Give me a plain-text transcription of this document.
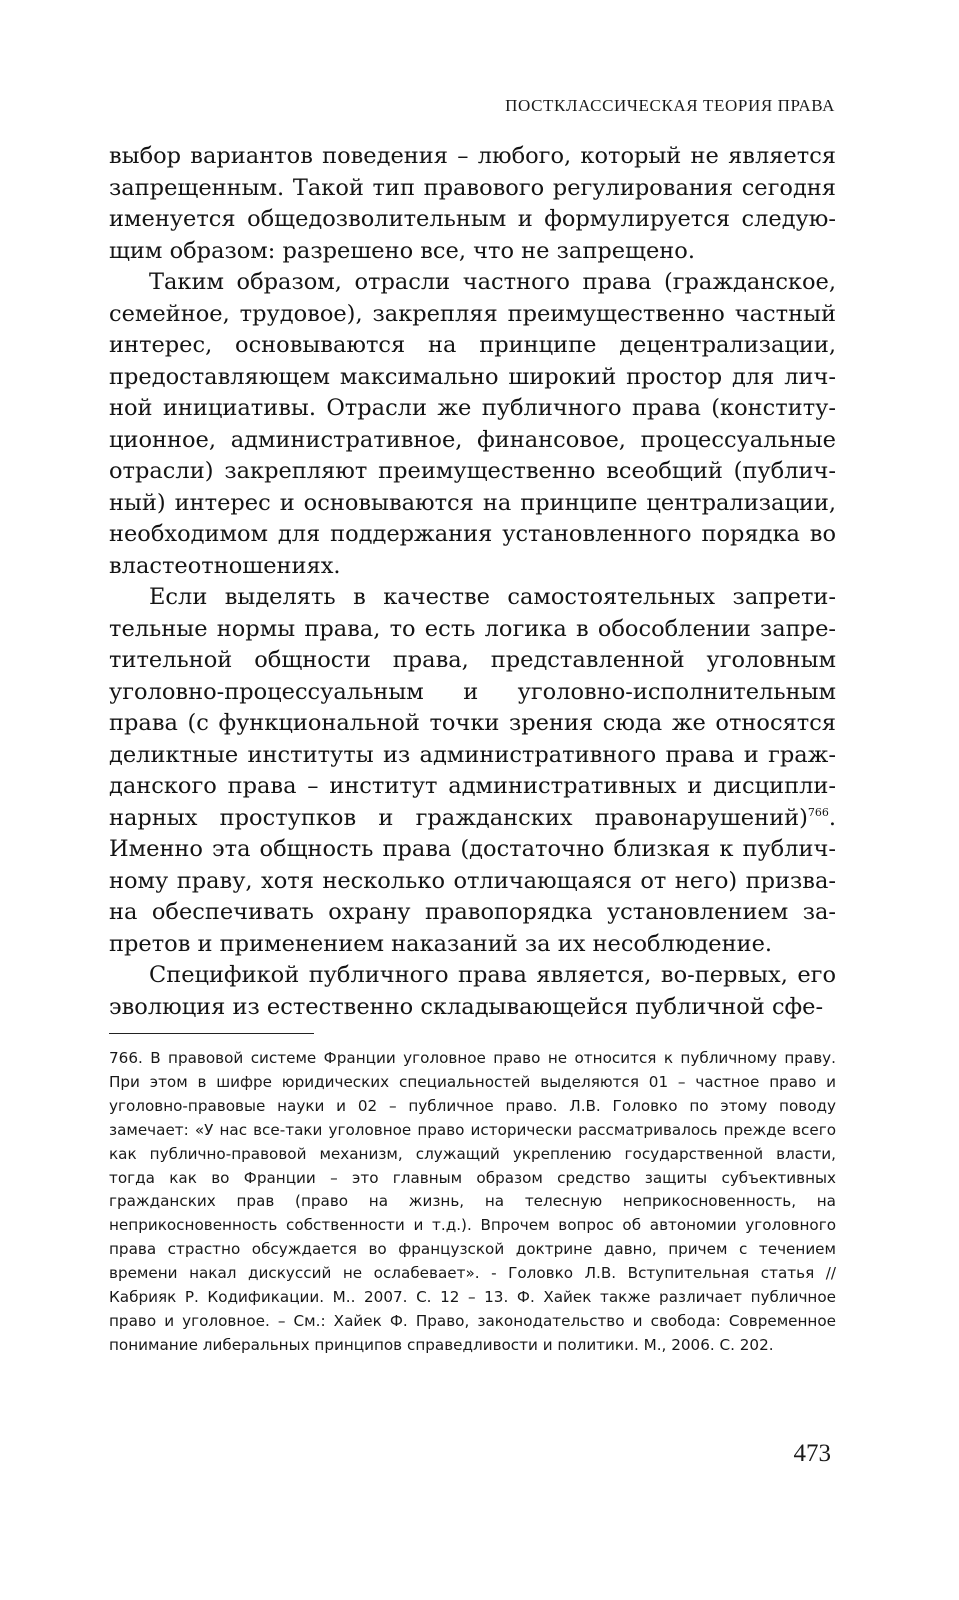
ПОСТКЛАССИЧЕСКАЯ ТЕОРИЯ ПРАВА

выбор вариантов поведения – любого, который не является запрещенным. Такой тип правового регулирования сегодня именуется общедозволительным и формулируется следующим образом: разрешено все, что не запрещено.

Таким образом, отрасли частного права (гражданское, семейное, трудовое), закрепляя преимущественно частный интерес, основываются на принципе децентрализации, предоставляющем максимально широкий простор для личной инициативы. Отрасли же публичного права (конституционное, административное, финансовое, процессуальные отрасли) закрепляют преимущественно всеобщий (публичный) интерес и основываются на принципе централизации, необходимом для поддержания установленного порядка во властеотношениях.

Если выделять в качестве самостоятельных запретительные нормы права, то есть логика в обособлении запретительной общности права, представленной уголовным уголовно-процессуальным и уголовно-исполнительным права (с функциональной точки зрения сюда же относятся деликтные институты из административного права и гражданского права – институт административных и дисциплинарных проступков и гражданских правонарушений)$^{766}$. Именно эта общность права (достаточно близкая к публичному праву, хотя несколько отличающаяся от него) призвана обеспечивать охрану правопорядка установлением запретов и применением наказаний за их несоблюдение.

Спецификой публичного права является, во-первых, его эволюция из естественно складывающейся публичной сфе-

766. В правовой системе Франции уголовное право не относится к публичному праву. При этом в шифре юридических специальностей выделяются 01 – частное право и уголовно-правовые науки и 02 – публичное право. Л.В. Головко по этому поводу замечает: «У нас все-таки уголовное право исторически рассматривалось прежде всего как публично-правовой механизм, служащий укреплению государственной власти, тогда как во Франции – это главным образом средство защиты субъективных гражданских прав (право на жизнь, на телесную неприкосновенность, на неприкосновенность собственности и т.д.). Впрочем вопрос об автономии уголовного права страстно обсуждается во французской доктрине давно, причем с течением времени накал дискуссий не ослабевает». - Головко Л.В. Вступительная статья // Кабрияк Р. Кодификации. М.. 2007. С. 12 – 13. Ф. Хайек также различает публичное право и уголовное. – См.: Хайек Ф. Право, законодательство и свобода: Современное понимание либеральных принципов справедливости и политики. М., 2006. С. 202.

473
